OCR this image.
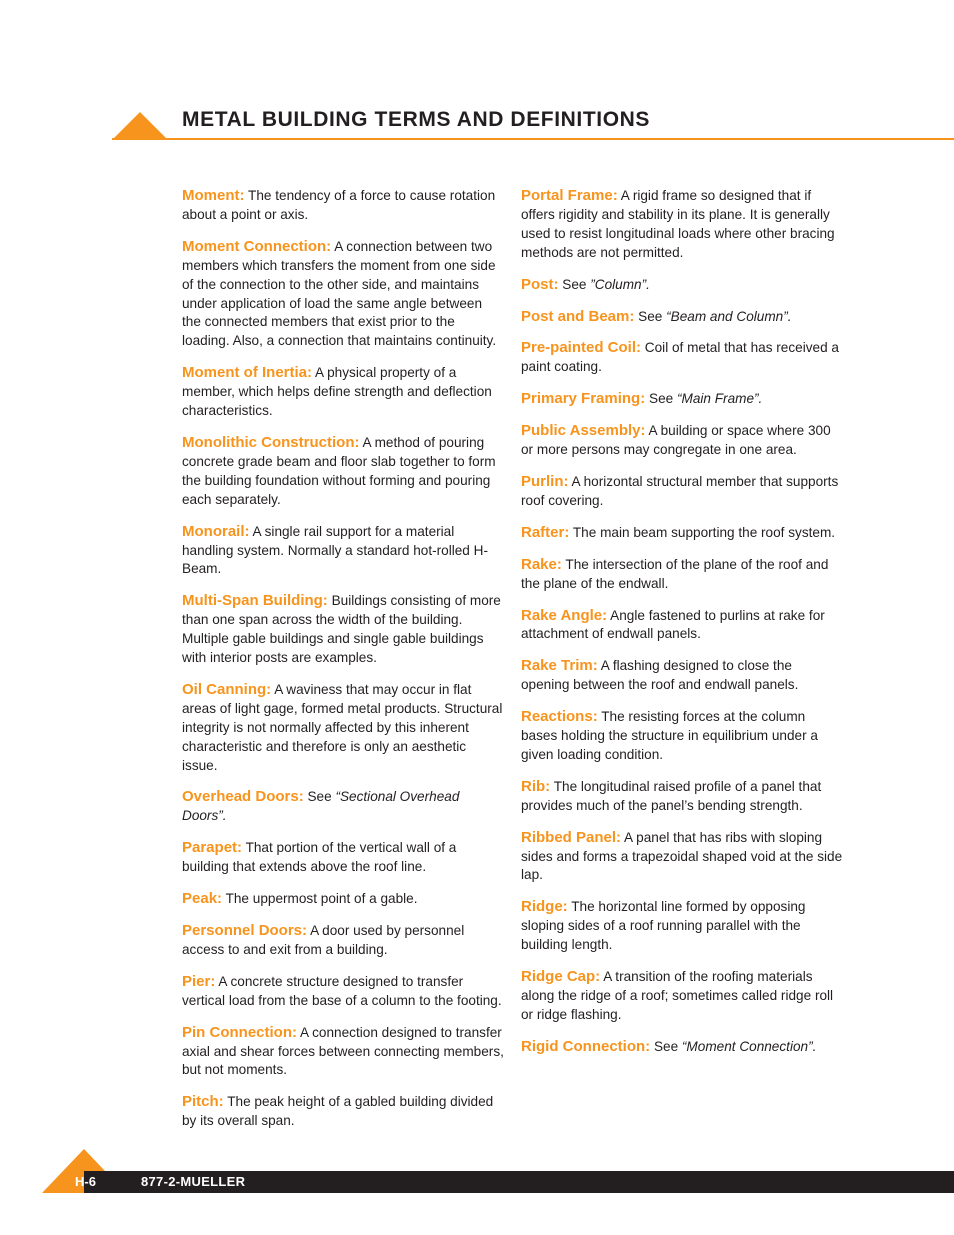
METAL BUILDING TERMS AND DEFINITIONS

Moment: The tendency of a force to cause rotation about a point or axis.

Moment Connection: A connection between two members which transfers the moment from one side of the connection to the other side, and maintains under application of load the same angle between the connected members that exist prior to the loading. Also, a connection that maintains continuity.

Moment of Inertia: A physical property of a member, which helps define strength and deflection characteristics.

Monolithic Construction: A method of pouring concrete grade beam and floor slab together to form the building foundation without forming and pouring each separately.

Monorail: A single rail support for a material handling system. Normally a standard hot-rolled H-Beam.

Multi-Span Building: Buildings consisting of more than one span across the width of the building. Multiple gable buildings and single gable buildings with interior posts are examples.

Oil Canning: A waviness that may occur in flat areas of light gage, formed metal products. Structural integrity is not normally affected by this inherent characteristic and therefore is only an aesthetic issue.

Overhead Doors: See “Sectional Overhead Doors”.

Parapet: That portion of the vertical wall of a building that extends above the roof line.

Peak: The uppermost point of a gable.

Personnel Doors: A door used by personnel access to and exit from a building.

Pier: A concrete structure designed to transfer vertical load from the base of a column to the footing.

Pin Connection: A connection designed to transfer axial and shear forces between connecting members, but not moments.

Pitch: The peak height of a gabled building divided by its overall span.

Portal Frame: A rigid frame so designed that if offers rigidity and stability in its plane. It is generally used to resist longitudinal loads where other bracing methods are not permitted.

Post: See ”Column”.

Post and Beam: See “Beam and Column”.

Pre-painted Coil: Coil of metal that has received a paint coating.

Primary Framing: See “Main Frame”.

Public Assembly: A building or space where 300 or more persons may congregate in one area.

Purlin: A horizontal structural member that supports roof covering.

Rafter: The main beam supporting the roof system.

Rake: The intersection of the plane of the roof and the plane of the endwall.

Rake Angle: Angle fastened to purlins at rake for attachment of endwall panels.

Rake Trim: A flashing designed to close the opening between the roof and endwall panels.

Reactions: The resisting forces at the column bases holding the structure in equilibrium under a given loading condition.

Rib: The longitudinal raised profile of a panel that provides much of the panel’s bending strength.

Ribbed Panel: A panel that has ribs with sloping sides and forms a trapezoidal shaped void at the side lap.

Ridge: The horizontal line formed by opposing sloping sides of a roof running parallel with the building length.

Ridge Cap: A transition of the roofing materials along the ridge of a roof; sometimes called ridge roll or ridge flashing.

Rigid Connection: See “Moment Connection”.

H-6	877-2-MUELLER
